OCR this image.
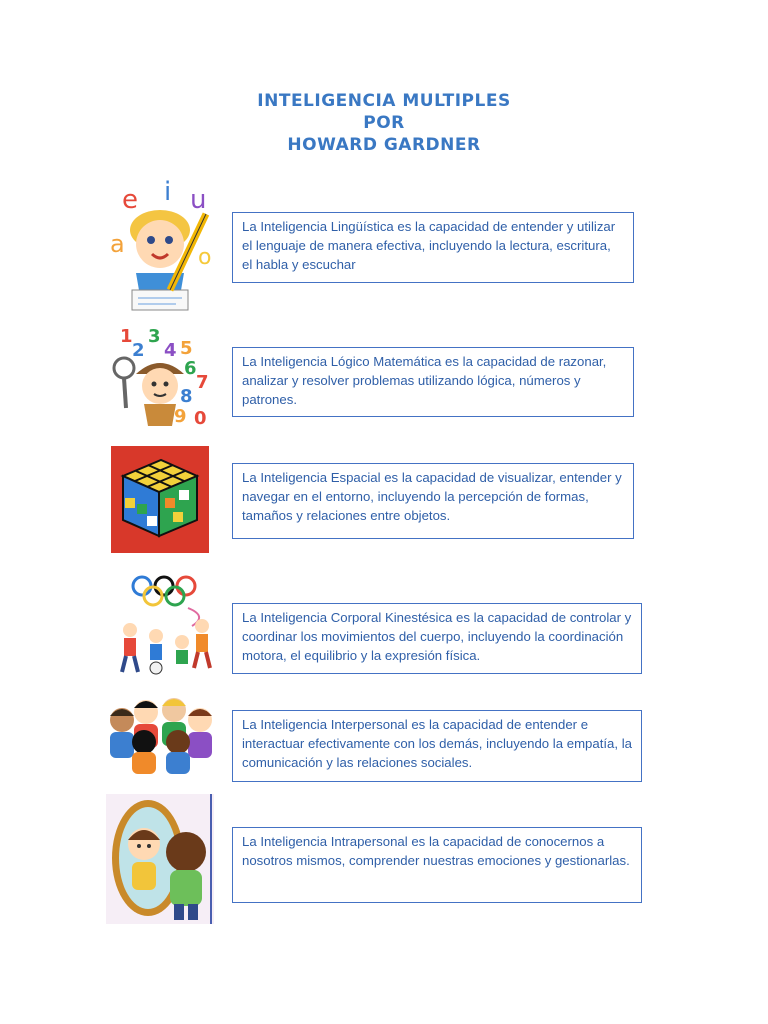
INTELIGENCIA MULTIPLES
POR
HOWARD GARDNER
e i u
a	o
La Inteligencia Lingüística es la capacidad de entender y utilizar el lenguaje de manera efectiva, incluyendo la lectura, escritura, el habla y escuchar
1
2
3
4 5
6
7
8
9 0
La Inteligencia Lógico Matemática es la capacidad de razonar, analizar y resolver problemas utilizando lógica, números y patrones.
La Inteligencia Espacial es la capacidad de visualizar, entender y navegar en el entorno, incluyendo la percepción de formas, tamaños y relaciones entre objetos.
La Inteligencia Corporal Kinestésica es la capacidad de controlar y coordinar los movimientos del cuerpo, incluyendo la coordinación motora, el equilibrio y la expresión física.
La Inteligencia Interpersonal es la capacidad de entender e interactuar efectivamente con los demás, incluyendo la empatía, la comunicación y las relaciones sociales.
La Inteligencia Intrapersonal es la capacidad de conocernos a nosotros mismos, comprender nuestras emociones y gestionarlas.
